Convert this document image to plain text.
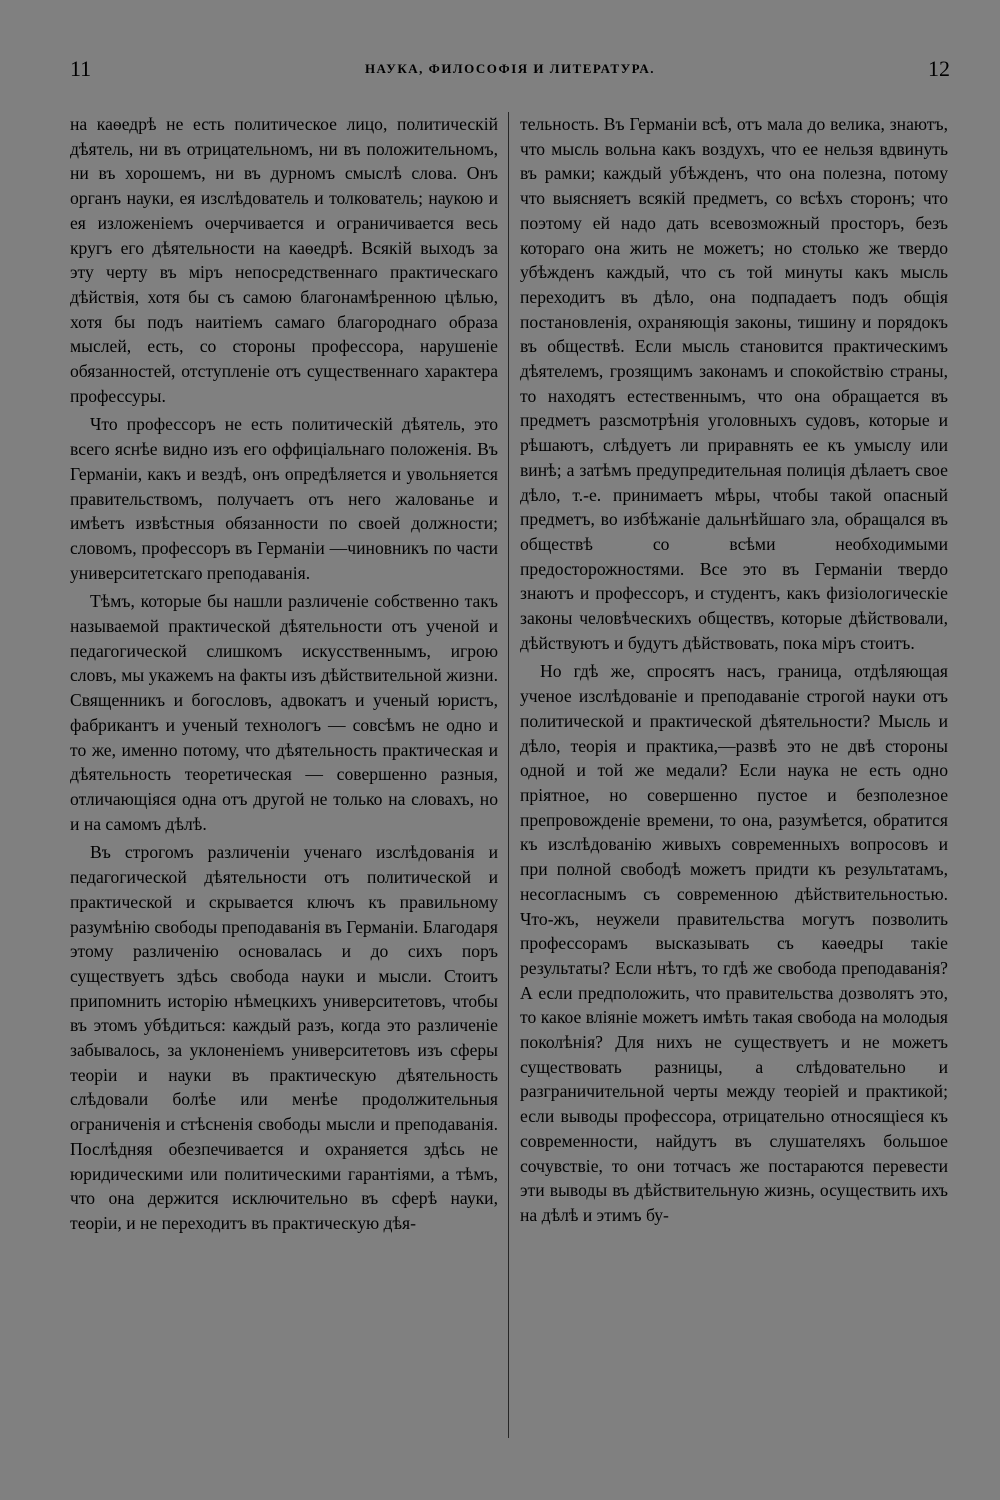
11	НАУКА, ФИЛОСОФІЯ И ЛИТЕРАТУРА.	12

на каѳедрѣ не есть политическое лицо, политическій дѣятель, ни въ отрицательномъ, ни въ положительномъ, ни въ хорошемъ, ни въ дурномъ смыслѣ слова. Онъ органъ науки, ея изслѣдователь и толкователь; наукою и ея изложеніемъ очерчивается и ограничивается весь кругъ его дѣятельности на каѳедрѣ. Всякій выходъ за эту черту въ міръ непосредственнаго практическаго дѣйствія, хотя бы съ самою благонамѣренною цѣлью, хотя бы подъ наитіемъ самаго благороднаго образа мыслей, есть, со стороны профессора, нарушеніе обязанностей, отступленіе отъ существеннаго характера профессуры.

Что профессоръ не есть политическій дѣятель, это всего яснѣе видно изъ его оффиціальнаго положенія. Въ Германіи, какъ и вездѣ, онъ опредѣляется и увольняется правительствомъ, получаетъ отъ него жалованье и имѣетъ извѣстныя обязанности по своей должности; словомъ, профессоръ въ Германіи —чиновникъ по части университетскаго преподаванія.

Тѣмъ, которые бы нашли различеніе собственно такъ называемой практической дѣятельности отъ ученой и педагогической слишкомъ искусственнымъ, игрою словъ, мы укажемъ на факты изъ дѣйствительной жизни. Священникъ и богословъ, адвокатъ и ученый юристъ, фабрикантъ и ученый технологъ — совсѣмъ не одно и то же, именно потому, что дѣятельность практическая и дѣятельность теоретическая — совершенно разныя, отличающіяся одна отъ другой не только на словахъ, но и на самомъ дѣлѣ.

Въ строгомъ различеніи ученаго изслѣдованія и педагогической дѣятельности отъ политической и практической и скрывается ключъ къ правильному разумѣнію свободы преподаванія въ Германіи. Благодаря этому различенію основалась и до сихъ поръ существуетъ здѣсь свобода науки и мысли. Стоитъ припомнить исторію нѣмецкихъ университетовъ, чтобы въ этомъ убѣдиться: каждый разъ, когда это различеніе забывалось, за уклоненіемъ университетовъ изъ сферы теоріи и науки въ практическую дѣятельность слѣдовали болѣе или менѣе продолжительныя ограниченія и стѣсненія свободы мысли и преподаванія. Послѣдняя обезпечивается и охраняется здѣсь не юридическими или политическими гарантіями, а тѣмъ, что она держится исключительно въ сферѣ науки, теоріи, и не переходитъ въ практическую дѣя-

тельность. Въ Германіи всѣ, отъ мала до велика, знаютъ, что мысль вольна какъ воздухъ, что ее нельзя вдвинуть въ рамки; каждый убѣжденъ, что она полезна, потому что выясняетъ всякій предметъ, со всѣхъ сторонъ; что поэтому ей надо дать всевозможный просторъ, безъ котораго она жить не можетъ; но столько же твердо убѣжденъ каждый, что съ той минуты какъ мысль переходитъ въ дѣло, она подпадаетъ подъ общія постановленія, охраняющія законы, тишину и порядокъ въ обществѣ. Если мысль становится практическимъ дѣятелемъ, грозящимъ законамъ и спокойствію страны, то находятъ естественнымъ, что она обращается въ предметъ разсмотрѣнія уголовныхъ судовъ, которые и рѣшаютъ, слѣдуетъ ли приравнять ее къ умыслу или винѣ; а затѣмъ предупредительная полиція дѣлаетъ свое дѣло, т.-е. принимаетъ мѣры, чтобы такой опасный предметъ, во избѣжаніе дальнѣйшаго зла, обращался въ обществѣ со всѣми необходимыми предосторожностями. Все это въ Германіи твердо знаютъ и профессоръ, и студентъ, какъ физіологическіе законы человѣческихъ обществъ, которые дѣйствовали, дѣйствуютъ и будутъ дѣйствовать, пока міръ стоитъ.

Но гдѣ же, спросятъ насъ, граница, отдѣляющая ученое изслѣдованіе и преподаваніе строгой науки отъ политической и практической дѣятельности? Мысль и дѣло, теорія и практика,—развѣ это не двѣ стороны одной и той же медали? Если наука не есть одно пріятное, но совершенно пустое и безполезное препровожденіе времени, то она, разумѣется, обратится къ изслѣдованію живыхъ современныхъ вопросовъ и при полной свободѣ можетъ придти къ результатамъ, несогласнымъ съ современною дѣйствительностью. Что-жъ, неужели правительства могутъ позволить профессорамъ высказывать съ каѳедры такіе результаты? Если нѣтъ, то гдѣ же свобода преподаванія? А если предположить, что правительства дозволятъ это, то какое вліяніе можетъ имѣть такая свобода на молодыя поколѣнія? Для нихъ не существуетъ и не можетъ существовать разницы, а слѣдовательно и разграничительной черты между теоріей и практикой; если выводы профессора, отрицательно относящіеся къ современности, найдутъ въ слушателяхъ большое сочувствіе, то они тотчасъ же постараются перевести эти выводы въ дѣйствительную жизнь, осуществить ихъ на дѣлѣ и этимъ бу-
